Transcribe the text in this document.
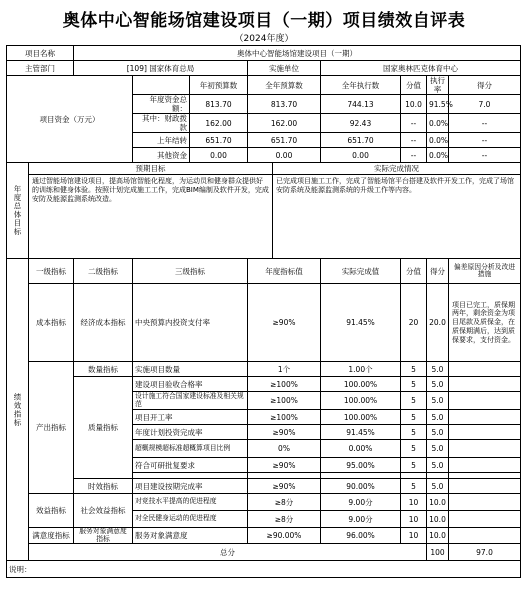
奥体中心智能场馆建设项目（一期）项目绩效自评表
（2024年度）
项目名称		奥体中心智能场馆建设项目（一期）									
主管部门		[109] 国家体育总局			实施单位		国家奥林匹克体育中心				
项目资金（万元）				年初预算数	全年预算数		全年执行数	分值	执行率	得分	
			年度资金总额：	813.70	813.70		744.13	10.0	91.5%	7.0	
			其中：财政拨款	162.00	162.00		92.43	--	0.0%	--	
			上年结转	651.70	651.70		651.70	--	0.0%	--	
			其他资金	0.00	0.00		0.00	--	0.0%	--	
年度总体目标	预期目标					实际完成情况					
	通过智能场馆建设项目，提高场馆智能化程度，为运动员和健身群众提供好的训练和健身体验。按照计划完成施工工作，完成BIM编制及软件开发，完成安防及能源监测系统改造。					已完成项目施工工作，完成了智能场馆平台搭建及软件开发工作，完成了场馆安防系统及能源监测系统的升级工作等内容。					
绩效指标	一级指标	二级指标	三级指标		年度指标值		实际完成值	分值	得分	偏差原因分析及改进措施	
	成本指标	经济成本指标	中央预算内投资支付率		≥90%		91.45%	20	20.0	项目已完工，质保期两年，剩余资金为项目尾款及质保金，在质保期满后，达到质保要求，支付资金。	
	产出指标	数量指标	实施项目数量		1个		1.00个	5	5.0		
		质量指标	建设项目验收合格率		≥100%		100.00%	5	5.0		
			设计施工符合国家建设标准及相关规范		≥100%		100.00%	5	5.0		
			项目开工率		≥100%		100.00%	5	5.0		
			年度计划投资完成率		≥90%		91.45%	5	5.0		
			超概规模超标准超概算项目比例		0%		0.00%	5	5.0		
			符合可研批复要求		≥90%		95.00%	5	5.0		

		时效指标	项目建设按期完成率		≥90%		90.00%	5	5.0		
	效益指标	社会效益指标	对竞技水平提高的促进程度		≥8分		9.00分	10	10.0		
			对全民健身运动的促进程度		≥8分		9.00分	10	10.0		
	满意度指标	服务对象满意度指标	服务对象满意度		≥90.00%		96.00%	10	10.0		
	总分								100	97.0	
说明：											
